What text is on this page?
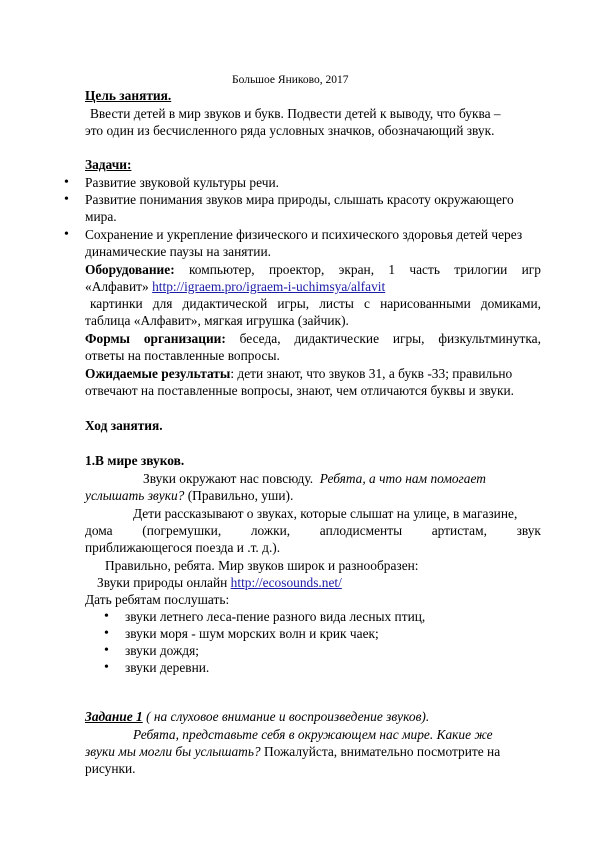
Большое Яниково, 2017
Цель занятия.
Ввести детей в мир звуков и букв. Подвести детей к выводу, что буква –
это один из бесчисленного ряда условных значков, обозначающий звук.
Задачи:
• Развитие звуковой культуры речи.
• Развитие понимания звуков мира природы, слышать красоту окружающего
мира.
• Сохранение и укрепление физического и психического здоровья детей через
динамические паузы на занятии.
Оборудование: компьютер, проектор, экран, 1 часть трилогии игр
«Алфавит» http://igraem.pro/igraem-i-uchimsya/alfavit
картинки для дидактической игры, листы с нарисованными домиками,
таблица «Алфавит», мягкая игрушка (зайчик).
Формы организации: беседа, дидактические игры, физкультминутка,
ответы на поставленные вопросы.
Ожидаемые результаты: дети знают, что звуков 31, а букв -33; правильно
отвечают на поставленные вопросы, знают, чем отличаются буквы и звуки.
Ход занятия.
1.В мире звуков.
Звуки окружают нас повсюду. Ребята, а что нам помогает
услышать звуки? (Правильно, уши).
Дети рассказывают о звуках, которые слышат на улице, в магазине,
дома (погремушки, ложки, аплодисменты артистам, звук
приближающегося поезда и .т. д.).
Правильно, ребята. Мир звуков широк и разнообразен:
Звуки природы онлайн http://ecosounds.net/
Дать ребятам послушать:
• звуки летнего леса-пение разного вида лесных птиц,
• звуки моря - шум морских волн и крик чаек;
• звуки дождя;
• звуки деревни.
Задание 1 ( на слуховое внимание и воспроизведение звуков).
Ребята, представьте себя в окружающем нас мире. Какие же
звуки мы могли бы услышать? Пожалуйста, внимательно посмотрите на
рисунки.
